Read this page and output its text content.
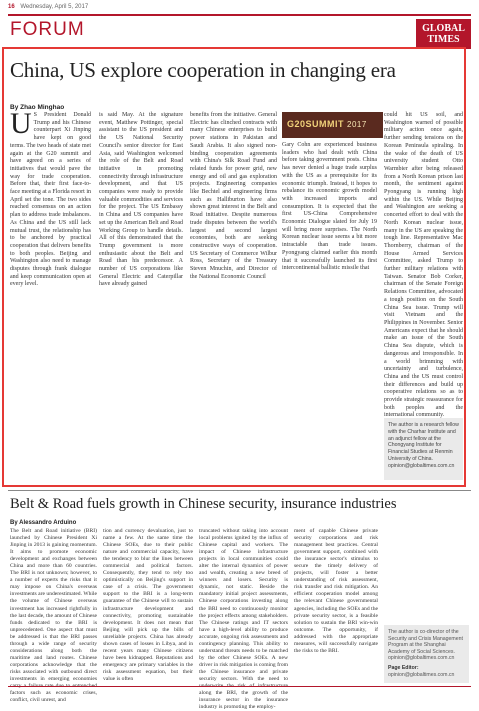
16 Wednesday, April 5, 2017
FORUM	GLOBAL
TIMES
China, US explore cooperation in changing era
By Zhao Minghao
U S President Donald Trump and his Chinese counterpart Xi Jinping have kept on good terms. The two heads of state met again at the G20 summit and have agreed on a series of initiatives that would pave the way for trade cooperation. Before that, their first face-to-face meeting at a Florida resort in April set the tone. The two sides reached consensus on an action plan to address trade imbalances. As China and the US still lack mutual trust, the relationship has to be anchored by practical cooperation that delivers benefits to both peoples. Beijing and Washington also need to manage disputes through frank dialogue and keep communication open at every level.
is said May. At the signature event, Matthew Pottinger, special assistant to the US president and the US National Security Council's senior director for East Asia, said Washington welcomed the role of the Belt and Road initiative in promoting connectivity through infrastructure development, and that US companies were ready to provide valuable commodities and services for the project. The US Embassy in China and US companies have set up the American Belt and Road Working Group to handle details. All of this demonstrated that the Trump government is more enthusiastic about the Belt and Road than his predecessor. A number of US corporations like General Electric and Caterpillar have already gained
benefits from the initiative. General Electric has clinched contracts with many Chinese enterprises to build power stations in Pakistan and Saudi Arabia. It also signed non-binding cooperation agreements with China's Silk Road Fund and related funds for power grid, new energy and oil and gas exploration projects. Engineering companies like Bechtel and engineering firms such as Halliburton have also shown great interest in the Belt and Road initiative. Despite numerous trade disputes between the world's largest and second largest economies, both are seeking constructive ways of cooperation. US Secretary of Commerce Wilbur Ross, Secretary of the Treasury Steven Mnuchin, and Director of the National Economic Council
G20SUMMIT 2017
Gary Cohn are experienced business leaders who had dealt with China before taking government posts. China has never denied a huge trade surplus with the US as a prerequisite for its economic triumph. Instead, it hopes to rebalance its economic growth model with increased imports and consumption. It is expected that the first US-China Comprehensive Economic Dialogue slated for July 19 will bring more surprises. The North Korean nuclear issue seems a bit more intractable than trade issues. Pyongyang claimed earlier this month that it successfully launched its first intercontinental ballistic missile that
could hit US soil, and Washington warned of possible military action once again, further sending tensions on the Korean Peninsula spiraling. In the wake of the death of US university student Otto Warmbier after being released from a North Korean prison last month, the sentiment against Pyongyang is running high within the US. While Beijing and Washington are seeking a concerted effort to deal with the North Korean nuclear issue, many in the US are speaking the tough line. Representative Mac Thornberry, chairman of the House Armed Services Committee, asked Trump to further military relations with Taiwan. Senator Bob Corker, chairman of the Senate Foreign Relations Committee, advocated a tough position on the South China Sea issue. Trump will visit Vietnam and the Philippines in November. Senior Americans expect that he should make an issue of the South China Sea dispute, which is dangerous and irresponsible. In a world brimming with uncertainty and turbulence, China and the US must control their differences and build up cooperative relations so as to provide strategic reassurance for both peoples and the international community.
The author is a research fellow with the Charhar Institute and an adjunct fellow at the Chongyang Institute for Financial Studies at Renmin University of China. opinion@globaltimes.com.cn
Belt & Road fuels growth in Chinese security, insurance industries
By Alessandro Arduino
The Belt and Road initiative (BRI) launched by Chinese President Xi Jinping in 2013 is gaining momentum. It aims to promote economic development and exchanges between China and more than 60 countries. The BRI is not unknown; however, to a number of experts the risks that it may impose on China's overseas investments are underestimated. While the volume of Chinese overseas investment has increased rightfully in the last decade, the amount of Chinese funds dedicated to the BRI is unprecedented. One aspect that must be addressed is that the BRI passes through a wide range of security considerations along both the maritime and land routes. Chinese corporations acknowledge that the risks associated with outbound direct investments in emerging economies factors such as economic crises, conflict, civil unrest, and
tion and currency devaluation, just to name a few. At the same time the Chinese SOEs, due to their public nature and commercial capacity, have the tendency to blur the lines between commercial and political factors. Consequently, they tend to rely too optimistically on Beijing's support in case of a crisis. The government support to the BRI is a long-term guarantee of the Chinese will to sustain infrastructure development and connectivity, promoting sustainable development. It does not mean that Beijing will pick up the bills of unreliable projects. China has already shown cases of losses in Libya, and in recent years many Chinese citizens have been kidnapped. Reputations and emergency are primary variables in the risk assessment equation, but their value is often
truncated without taking into account local problems ignited by the influx of Chinese capital and workers. The impact of Chinese infrastructure projects in local communities could alter the internal dynamics of power and wealth, creating a new breed of winners and losers. Security is dynamic, not static. Beside the mandatory initial project assessments, Chinese corporations investing along the BRI need to continuously monitor the project effects among stakeholders. The Chinese ratings and IT sectors have a high-level ability to produce accurate, ongoing risk assessments and contingency planning. This ability to understand threats needs to be matched by the other Chinese SOEs. A new driver in risk mitigation is coming from the Chinese insurance and private security sectors. With the need to along the BRI, the growth of the insurance sector in the insurance industry is promoting the employ-
ment of capable Chinese private security corporations and risk management best practices. Central government support, combined with the insurance sector's stimulus to secure the timely delivery of projects, will foster a better understanding of risk assessment, risk transfer and risk mitigation. An efficient cooperation model among the relevant Chinese governmental agencies, including the SOEs and the private security sector, is a feasible solution to sustain the BRI win-win outcome. The opportunity, if addressed with the appropriate measures, will successfully navigate the risks to the BRI.
The author is co-director of the Security and Crisis Management Program at the Shanghai Academy of Social Sciences. opinion@globaltimes.com.cn
Page Editor:
opinion@globaltimes.com.cn
